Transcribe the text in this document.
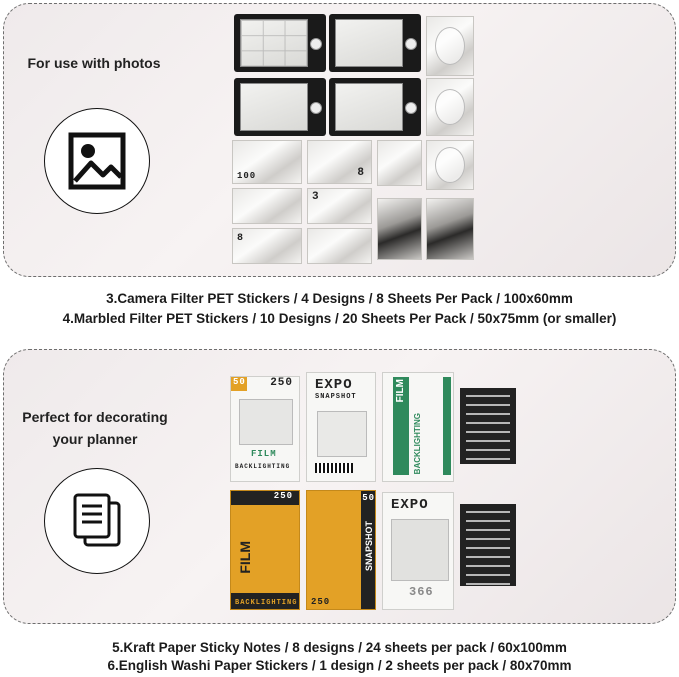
For use with photos
100	8
3
8
3.Camera Filter PET Stickers / 4 Designs / 8 Sheets Per Pack / 100x60mm
4.Marbled Filter PET Stickers / 10 Designs / 20 Sheets Per Pack / 50x75mm (or smaller)
Perfect for decorating your planner
50 250
FILM
BACKLIGHTING
EXPO
SNAPSHOT	FILM
BACKLIGHTING
250
FILM
BACKLIGHTING
SNAPSHOT
50
250
EXPO
366
5.Kraft Paper Sticky Notes / 8 designs / 24 sheets per pack / 60x100mm
6.English Washi Paper Stickers / 1 design / 2 sheets per pack / 80x70mm
